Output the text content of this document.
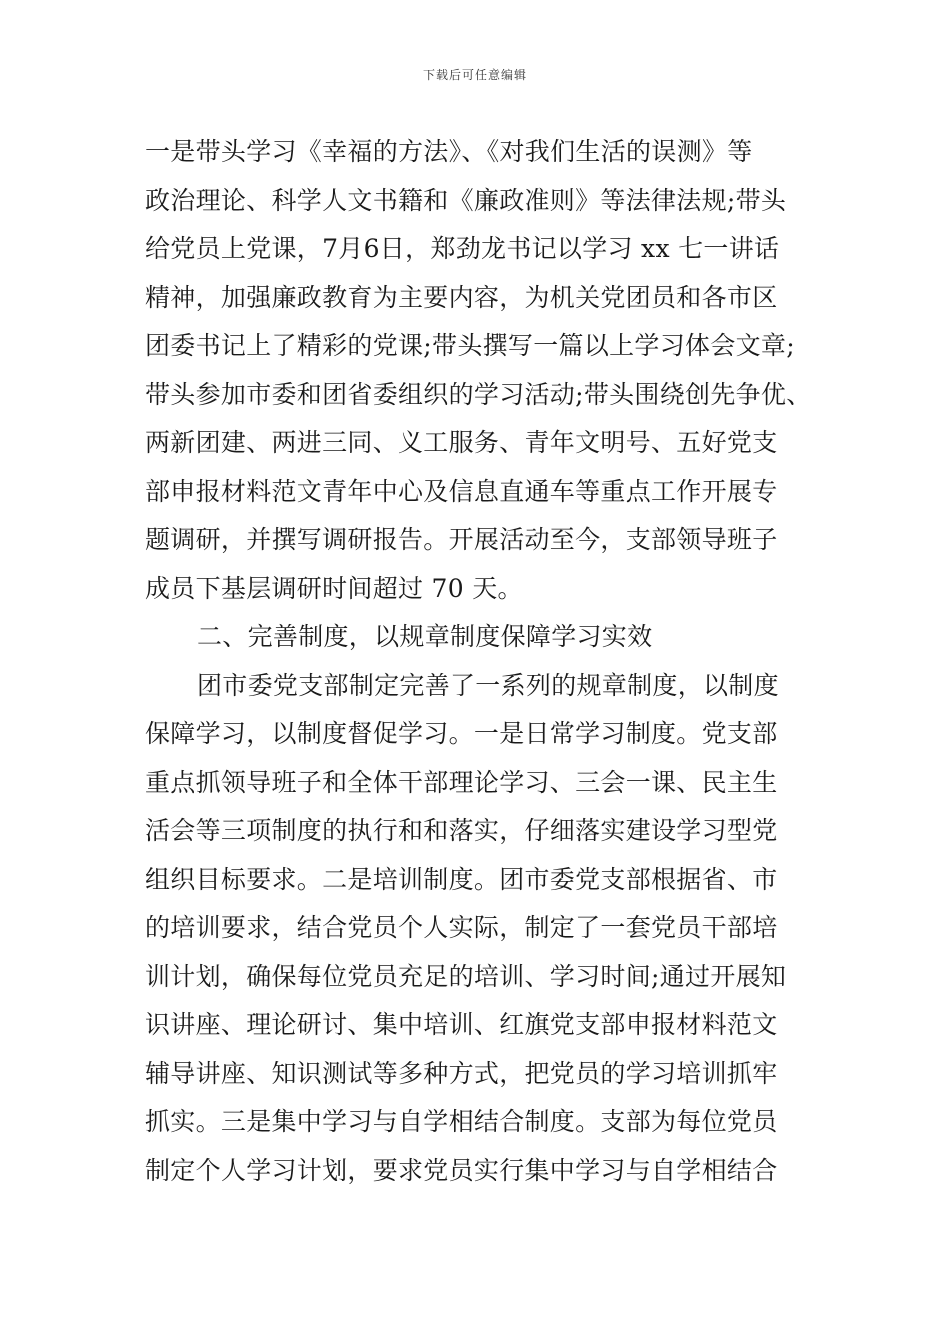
下载后可任意编辑
一是带头学习《幸福的方法》、《对我们生活的误测》等
政治理论、科学人文书籍和《廉政准则》等法律法规;带头
给党员上党课，7月6日，郑劲龙书记以学习 xx 七一讲话
精神，加强廉政教育为主要内容，为机关党团员和各市区
团委书记上了精彩的党课;带头撰写一篇以上学习体会文章;
带头参加市委和团省委组织的学习活动;带头围绕创先争优、
两新团建、两进三同、义工服务、青年文明号、五好党支
部申报材料范文青年中心及信息直通车等重点工作开展专
题调研，并撰写调研报告。开展活动至今，支部领导班子
成员下基层调研时间超过 70 天。
二、完善制度，以规章制度保障学习实效
团市委党支部制定完善了一系列的规章制度，以制度
保障学习，以制度督促学习。一是日常学习制度。党支部
重点抓领导班子和全体干部理论学习、三会一课、民主生
活会等三项制度的执行和和落实，仔细落实建设学习型党
组织目标要求。二是培训制度。团市委党支部根据省、市
的培训要求，结合党员个人实际，制定了一套党员干部培
训计划，确保每位党员充足的培训、学习时间;通过开展知
识讲座、理论研讨、集中培训、红旗党支部申报材料范文
辅导讲座、知识测试等多种方式，把党员的学习培训抓牢
抓实。三是集中学习与自学相结合制度。支部为每位党员
制定个人学习计划，要求党员实行集中学习与自学相结合
